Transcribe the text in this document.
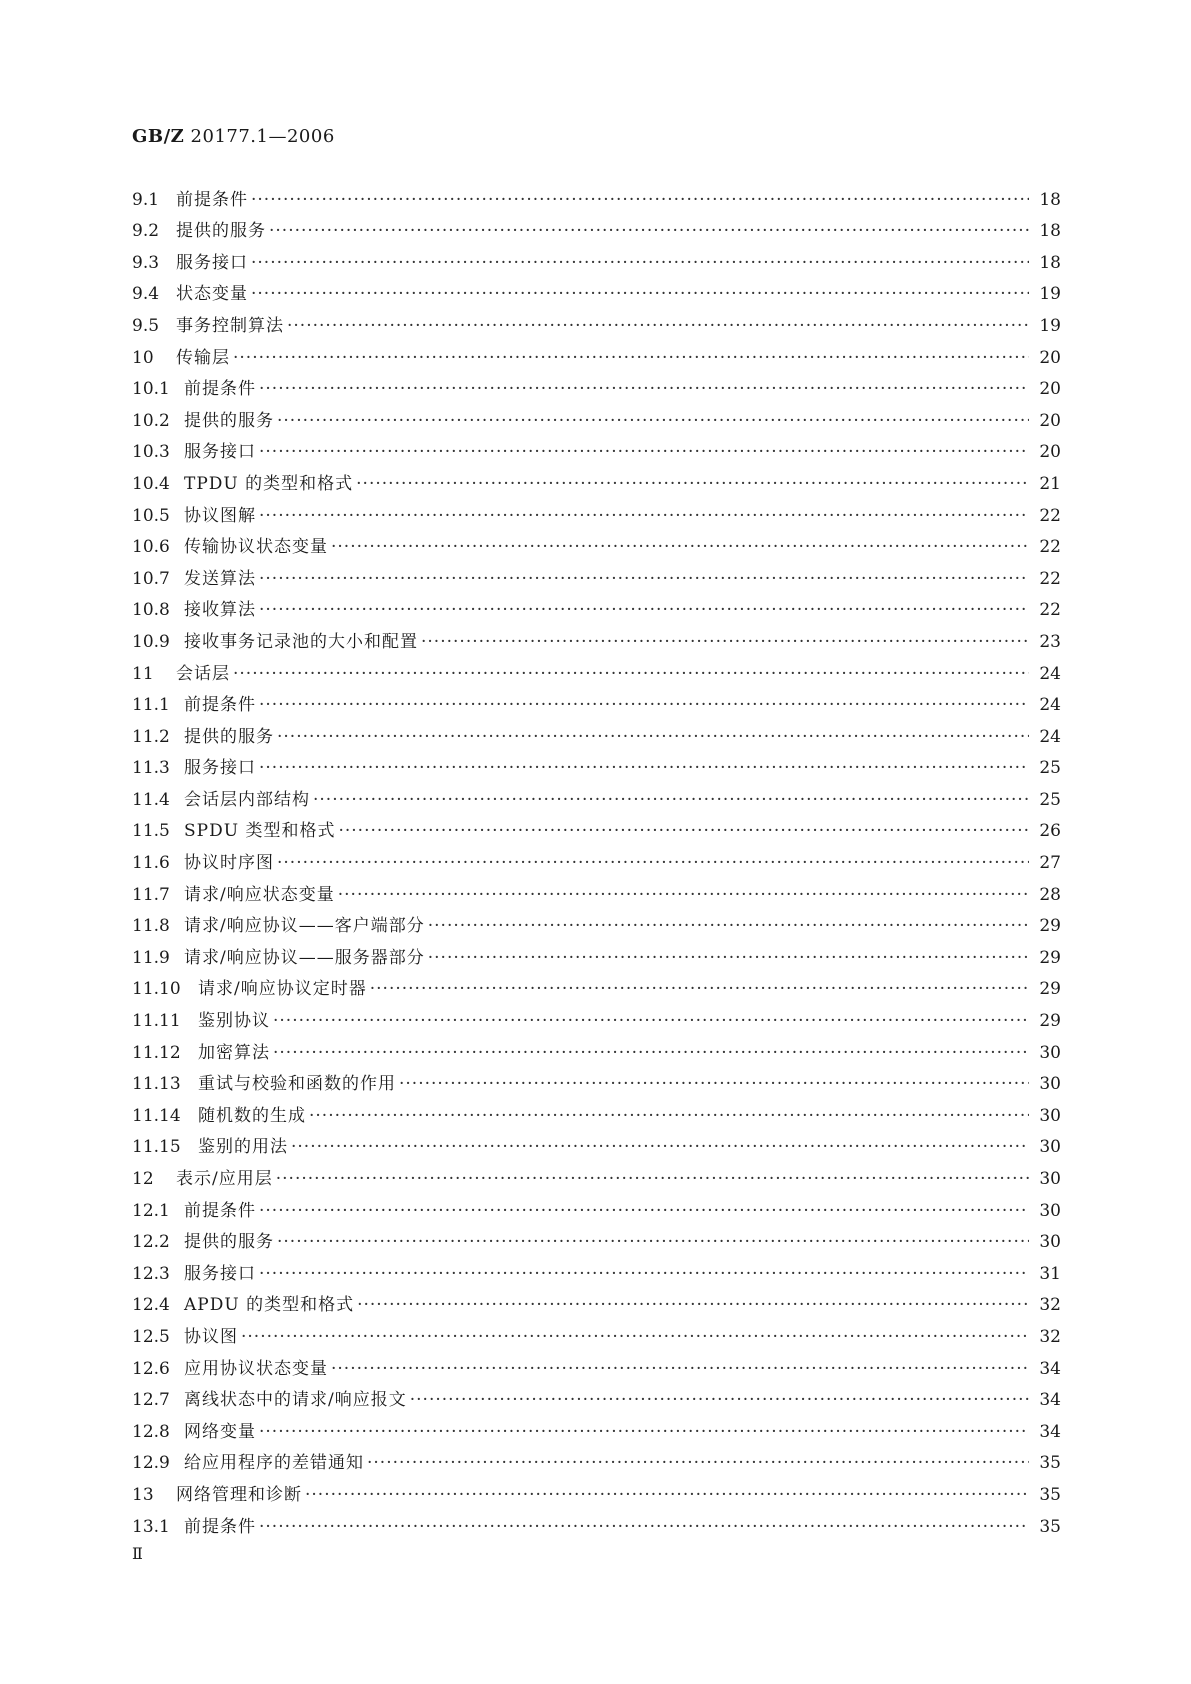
GB/Z 20177.1—2006
9.1 前提条件 ·····	18
9.2 提供的服务 ·····	18
9.3 服务接口 ·····	18
9.4 状态变量 ·····	19
9.5 事务控制算法 ·····	19
10	传输层 ·····	20
10.1 前提条件 ·····	20
10.2 提供的服务 ·····	20
10.3 服务接口 ·····	20
10.4 TPDU 的类型和格式 ·····	21
10.5 协议图解 ·····	22
10.6 传输协议状态变量 ·····	22
10.7 发送算法 ·····	22
10.8 接收算法 ·····	22
10.9 接收事务记录池的大小和配置 ·····	23
11	会话层 ·····	24
11.1 前提条件 ·····	24
11.2 提供的服务 ·····	24
11.3 服务接口 ·····	25
11.4 会话层内部结构 ·····	25
11.5 SPDU 类型和格式 ·····	26
11.6 协议时序图 ·····	27
11.7 请求/响应状态变量 ·····	28
11.8 请求/响应协议——客户端部分 ·····	29
11.9 请求/响应协议——服务器部分 ·····	29
11.10	请求/响应协议定时器 ·····	29
11.11	鉴别协议 ·····	29
11.12	加密算法 ·····	30
11.13	重试与校验和函数的作用 ·····	30
11.14	随机数的生成 ·····	30
11.15	鉴别的用法 ·····	30
12	表示/应用层 ·····	30
12.1 前提条件 ·····	30
12.2 提供的服务 ·····	30
12.3 服务接口 ·····	31
12.4 APDU 的类型和格式 ·····	32
12.5 协议图 ·····	32
12.6 应用协议状态变量 ·····	34
12.7 离线状态中的请求/响应报文 ·····	34
12.8 网络变量 ·····	34
12.9 给应用程序的差错通知 ·····	35
13	网络管理和诊断 ·····	35
13.1 前提条件 ·····	35
Ⅱ
